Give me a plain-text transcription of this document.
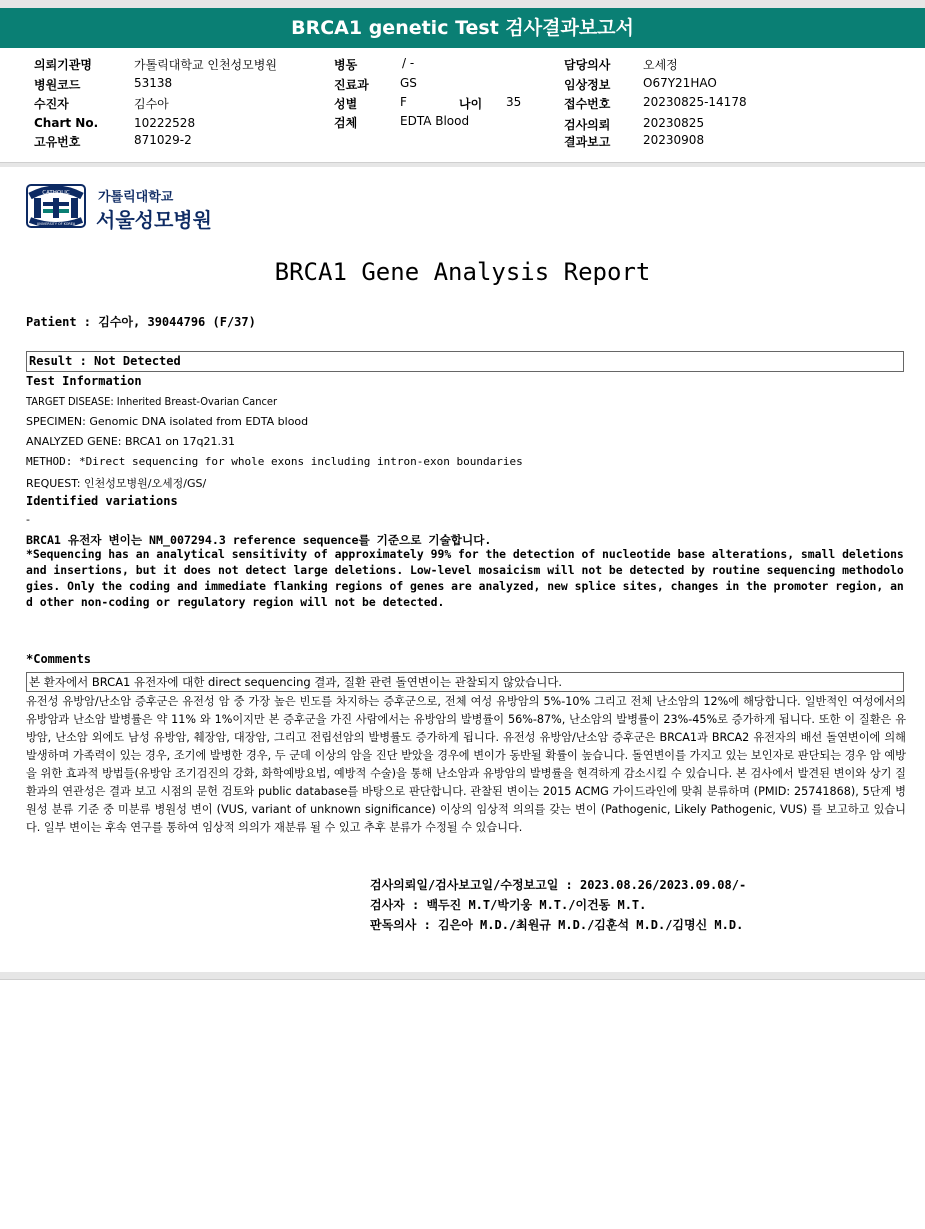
BRCA1 genetic Test 검사결과보고서
의뢰기관명	가톨릭대학교 인천성모병원
병원코드	53138
수진자	김수아
Chart No.	10222528
고유번호	871029-2
병동	/ -
진료과	GS
성별	F	나이 35
검체	EDTA Blood
담당의사	오세정
임상정보	O67Y21HAO
접수번호	20230825-14178
검사의뢰	20230825
결과보고	20230908
CATHOLIC
UNIVERSITY OF KOREA
가톨릭대학교
서울성모병원
BRCA1 Gene Analysis Report
Patient : 김수아, 39044796 (F/37)
Result : Not Detected
Test Information
TARGET DISEASE: Inherited Breast-Ovarian Cancer
SPECIMEN: Genomic DNA isolated from EDTA blood
ANALYZED GENE: BRCA1 on 17q21.31
METHOD: *Direct sequencing for whole exons including intron-exon boundaries
REQUEST: 인천성모병원/오세정/GS/
Identified variations
-
BRCA1 유전자 변이는 NM_007294.3 reference sequence를 기준으로 기술합니다.
*Sequencing has an analytical sensitivity of approximately 99% for the detection of nucleotide base alterations, small deletions and insertions, but it does not detect large deletions. Low-level mosaicism will not be detected by routine sequencing methodologies. Only the coding and immediate flanking regions of genes are analyzed, new splice sites, changes in the promoter region, and other non-coding or regulatory region will not be detected.
*Comments
본 환자에서 BRCA1 유전자에 대한 direct sequencing 결과, 질환 관련 돌연변이는 관찰되지 않았습니다.
유전성 유방암/난소암 증후군은 유전성 암 중 가장 높은 빈도를 차지하는 증후군으로, 전체 여성 유방암의 5%-10% 그리고 전체 난소암의 12%에 해당합니다. 일반적인 여성에서의 유방암과 난소암 발병률은 약 11% 와 1%이지만 본 증후군을 가진 사람에서는 유방암의 발병률이 56%-87%, 난소암의 발병률이 23%-45%로 증가하게 됩니다. 또한 이 질환은 유방암, 난소암 외에도 남성 유방암, 췌장암, 대장암, 그리고 전립선암의 발병률도 증가하게 됩니다. 유전성 유방암/난소암 증후군은 BRCA1과 BRCA2 유전자의 배선 돌연변이에 의해 발생하며 가족력이 있는 경우, 조기에 발병한 경우, 두 군데 이상의 암을 진단 받았을 경우에 변이가 동반될 확률이 높습니다. 돌연변이를 가지고 있는 보인자로 판단되는 경우 암 예방을 위한 효과적 방법들(유방암 조기검진의 강화, 화학예방요법, 예방적 수술)을 통해 난소암과 유방암의 발병률을 현격하게 감소시킬 수 있습니다. 본 검사에서 발견된 변이와 상기 질환과의 연관성은 결과 보고 시점의 문헌 검토와 public database를 바탕으로 판단합니다. 관찰된 변이는 2015 ACMG 가이드라인에 맞춰 분류하며 (PMID: 25741868), 5단계 병원성 분류 기준 중 미분류 병원성 변이 (VUS, variant of unknown significance) 이상의 임상적 의의를 갖는 변이 (Pathogenic, Likely Pathogenic, VUS) 를 보고하고 있습니다. 일부 변이는 후속 연구를 통하여 임상적 의의가 재분류 될 수 있고 추후 분류가 수정될 수 있습니다.
검사의뢰일/검사보고일/수정보고일 : 2023.08.26/2023.09.08/-
검사자 : 백두진 M.T/박기웅 M.T./이건동 M.T.
판독의사 : 김은아 M.D./최원규 M.D./김훈석 M.D./김명신 M.D.
